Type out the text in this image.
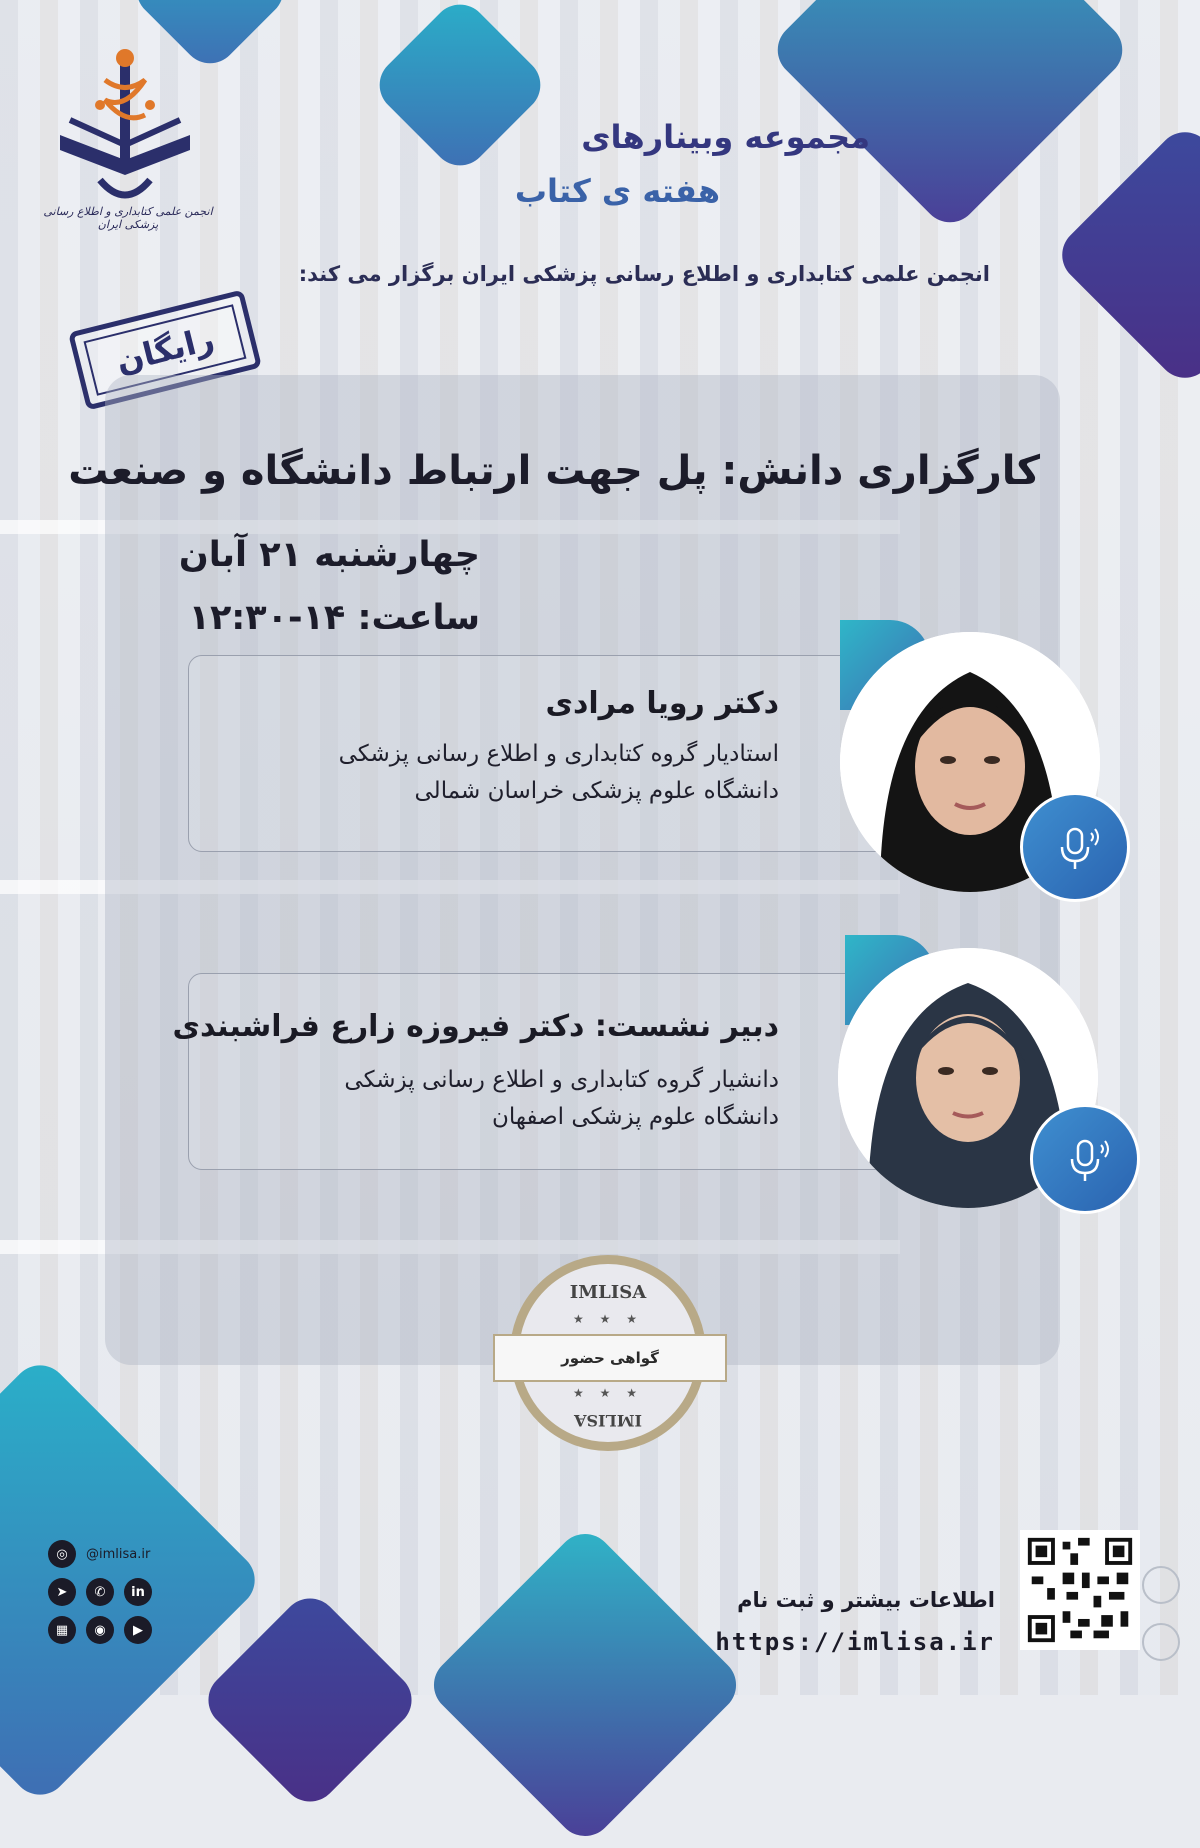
انجمن علمی کتابداری و اطلاع رسانی پزشکی ایران
مجموعه وبینارهای
هفته ی کتاب
انجمن علمی کتابداری و اطلاع رسانی پزشکی ایران برگزار می کند:
رایگان
کارگزاری دانش: پل جهت ارتباط دانشگاه و صنعت
چهارشنبه ۲۱ آبان
ساعت: ۱۴-۱۲:۳۰
دکتر رویا مرادی
استادیار گروه کتابداری و اطلاع رسانی پزشکی
دانشگاه علوم پزشکی خراسان شمالی
دبیر نشست: دکتر فیروزه زارع فراشبندی
دانشیار گروه کتابداری و اطلاع رسانی پزشکی
دانشگاه علوم پزشکی اصفهان
IMLISA
★ ★ ★
گواهی حضور
★ ★ ★
IMLISA
◎	@imlisa.ir
➤	✆	in
▦	◉	▶
اطلاعات بیشتر و ثبت نام
https://imlisa.ir
